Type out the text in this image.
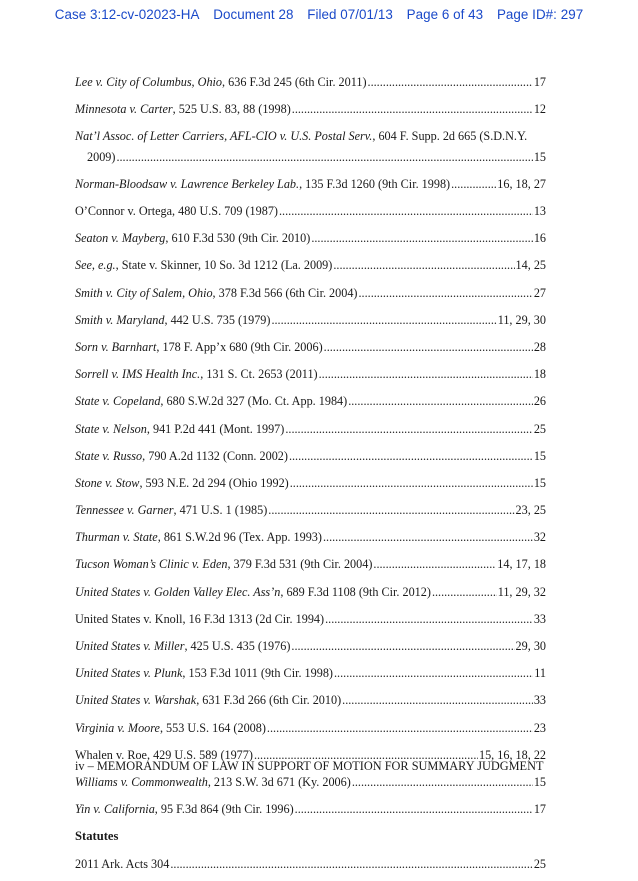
Case 3:12-cv-02023-HA Document 28 Filed 07/01/13 Page 6 of 43 Page ID#: 297
Lee v. City of Columbus, Ohio, 636 F.3d 245 (6th Cir. 2011) .....	17
Minnesota v. Carter, 525 U.S. 83, 88 (1998) .....	12
Nat’l Assoc. of Letter Carriers, AFL-CIO v. U.S. Postal Serv., 604 F. Supp. 2d 665 (S.D.N.Y.
2009) .....	15
Norman-Bloodsaw v. Lawrence Berkeley Lab., 135 F.3d 1260 (9th Cir. 1998) .....	16, 18, 27
O’Connor v. Ortega, 480 U.S. 709 (1987) .....	13
Seaton v. Mayberg, 610 F.3d 530 (9th Cir. 2010) .....	16
See, e.g., State v. Skinner, 10 So. 3d 1212 (La. 2009) .....	14, 25
Smith v. City of Salem, Ohio, 378 F.3d 566 (6th Cir. 2004) .....	27
Smith v. Maryland, 442 U.S. 735 (1979) .....	11, 29, 30
Sorn v. Barnhart, 178 F. App’x 680 (9th Cir. 2006) .....	28
Sorrell v. IMS Health Inc., 131 S. Ct. 2653 (2011) .....	18
State v. Copeland, 680 S.W.2d 327 (Mo. Ct. App. 1984) .....	26
State v. Nelson, 941 P.2d 441 (Mont. 1997) .....	25
State v. Russo, 790 A.2d 1132 (Conn. 2002) .....	15
Stone v. Stow, 593 N.E. 2d 294 (Ohio 1992) .....	15
Tennessee v. Garner, 471 U.S. 1 (1985) .....	23, 25
Thurman v. State, 861 S.W.2d 96 (Tex. App. 1993) .....	32
Tucson Woman’s Clinic v. Eden, 379 F.3d 531 (9th Cir. 2004) .....	14, 17, 18
United States v. Golden Valley Elec. Ass’n, 689 F.3d 1108 (9th Cir. 2012) .....	11, 29, 32
United States v. Knoll, 16 F.3d 1313 (2d Cir. 1994) .....	33
United States v. Miller, 425 U.S. 435 (1976) .....	29, 30
United States v. Plunk, 153 F.3d 1011 (9th Cir. 1998) .....	11
United States v. Warshak, 631 F.3d 266 (6th Cir. 2010) .....	33
Virginia v. Moore, 553 U.S. 164 (2008) .....	23
Whalen v. Roe, 429 U.S. 589 (1977) .....	15, 16, 18, 22
Williams v. Commonwealth, 213 S.W. 3d 671 (Ky. 2006) .....	15
Yin v. California, 95 F.3d 864 (9th Cir. 1996) .....	17
Statutes
2011 Ark. Acts 304 .....	25
iv – MEMORANDUM OF LAW IN SUPPORT OF MOTION FOR SUMMARY JUDGMENT
